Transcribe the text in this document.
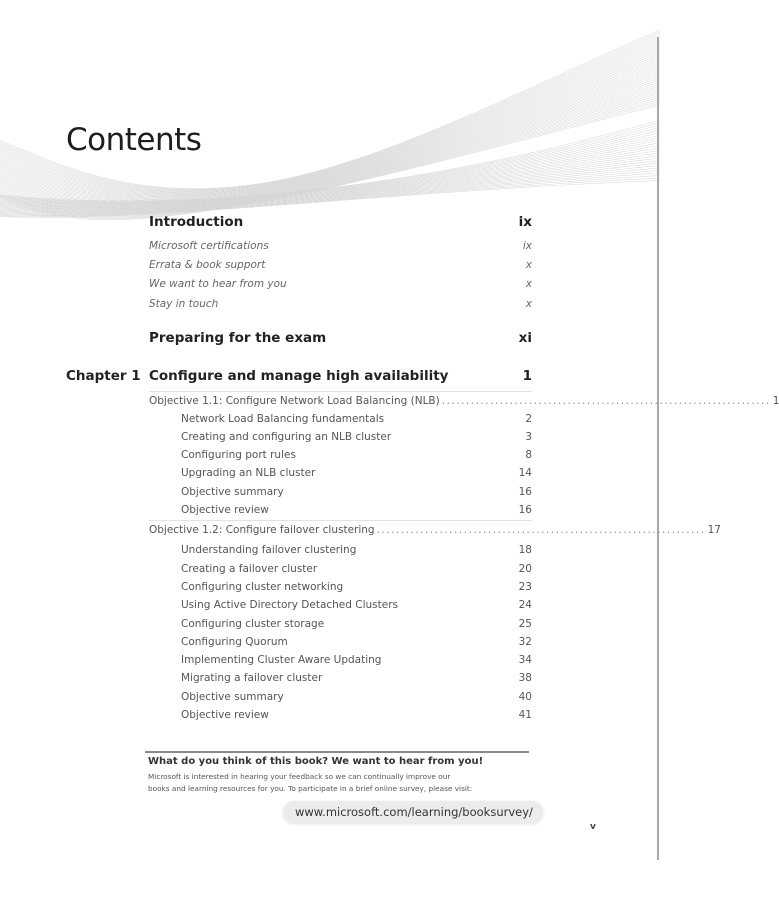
Contents
Introduction	ix
Microsoft certifications	ix
Errata & book support	x
We want to hear from you	x
Stay in touch	x
Preparing for the exam	xi
Chapter 1 Configure and manage high availability	1
Objective 1.1: Configure Network Load Balancing (NLB) .................................................................... 1
Network Load Balancing fundamentals	2
Creating and configuring an NLB cluster	3
Configuring port rules	8
Upgrading an NLB cluster	14
Objective summary	16
Objective review	16
Objective 1.2: Configure failover clustering .................................................................... 17
Understanding failover clustering	18
Creating a failover cluster	20
Configuring cluster networking	23
Using Active Directory Detached Clusters	24
Configuring cluster storage	25
Configuring Quorum	32
Implementing Cluster Aware Updating	34
Migrating a failover cluster	38
Objective summary	40
Objective review	41
What do you think of this book? We want to hear from you!
Microsoft is interested in hearing your feedback so we can continually improve our
books and learning resources for you. To participate in a brief online survey, please visit:
www.microsoft.com/learning/booksurvey/
v
